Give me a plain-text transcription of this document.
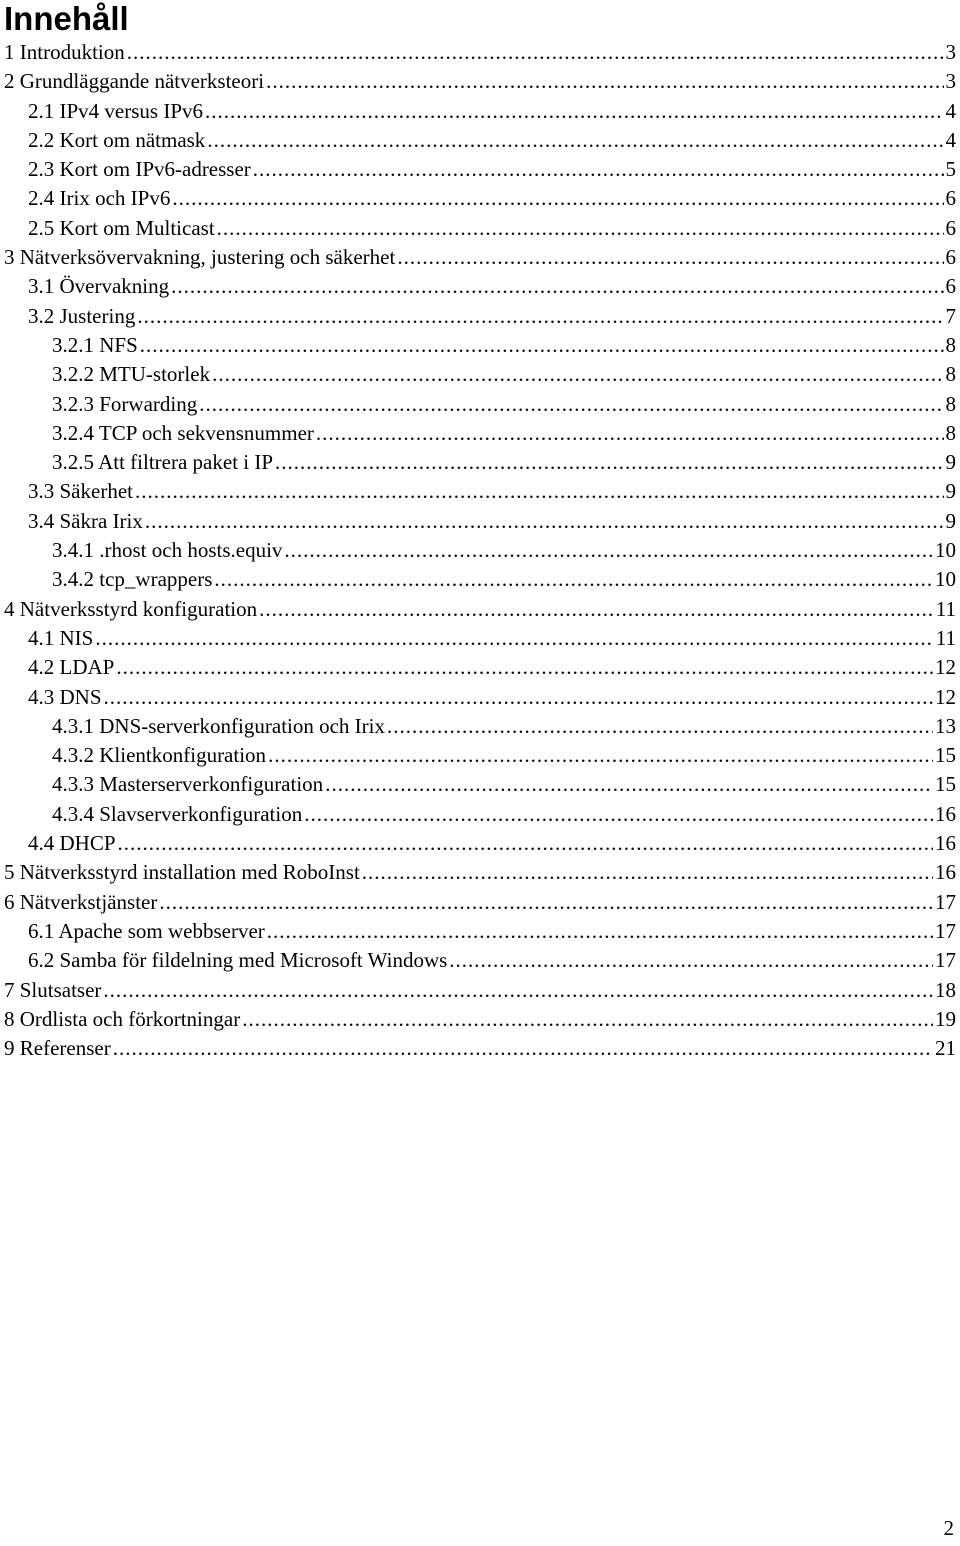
Innehåll
1 Introduktion .....	3
2 Grundläggande nätverksteori .....	3
2.1 IPv4 versus IPv6 .....	4
2.2 Kort om nätmask .....	4
2.3 Kort om IPv6-adresser .....	5
2.4 Irix och IPv6 .....	6
2.5 Kort om Multicast .....	6
3 Nätverksövervakning, justering och säkerhet .....	6
3.1 Övervakning .....	6
3.2 Justering .....	7
3.2.1 NFS .....	8
3.2.2 MTU-storlek .....	8
3.2.3 Forwarding .....	8
3.2.4 TCP och sekvensnummer .....	8
3.2.5 Att filtrera paket i IP .....	9
3.3 Säkerhet .....	9
3.4 Säkra Irix .....	9
3.4.1 .rhost och hosts.equiv .....	10
3.4.2 tcp_wrappers .....	10
4 Nätverksstyrd konfiguration .....	11
4.1 NIS .....	11
4.2 LDAP .....	12
4.3 DNS .....	12
4.3.1 DNS-serverkonfiguration och Irix .....	13
4.3.2 Klientkonfiguration .....	15
4.3.3 Masterserverkonfiguration .....	15
4.3.4 Slavserverkonfiguration .....	16
4.4 DHCP .....	16
5 Nätverksstyrd installation med RoboInst .....	16
6 Nätverkstjänster .....	17
6.1 Apache som webbserver .....	17
6.2 Samba för fildelning med Microsoft Windows .....	17
7 Slutsatser .....	18
8 Ordlista och förkortningar .....	19
9 Referenser .....	21
2
